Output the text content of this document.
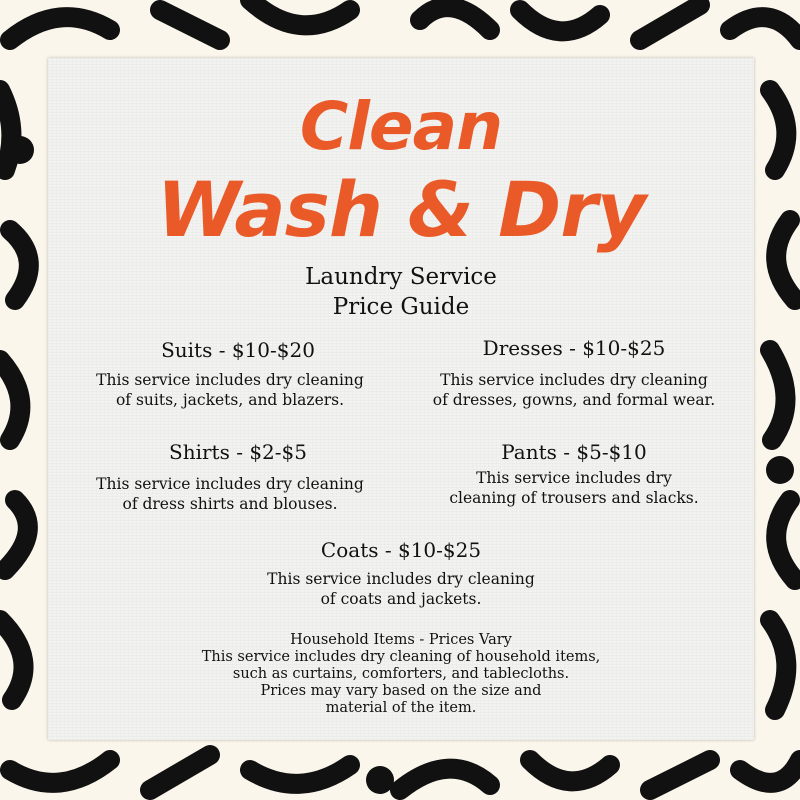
Clean
Wash & Dry
Laundry Service
Price Guide
Suits - $10-$20
This service includes dry cleaning
of suits, jackets, and blazers.
Dresses - $10-$25
This service includes dry cleaning
of dresses, gowns, and formal wear.
Shirts - $2-$5
This service includes dry cleaning
of dress shirts and blouses.
Pants - $5-$10
This service includes dry
cleaning of trousers and slacks.
Coats - $10-$25
This service includes dry cleaning
of coats and jackets.
Household Items - Prices Vary
This service includes dry cleaning of household items,
such as curtains, comforters, and tablecloths.
Prices may vary based on the size and
material of the item.
